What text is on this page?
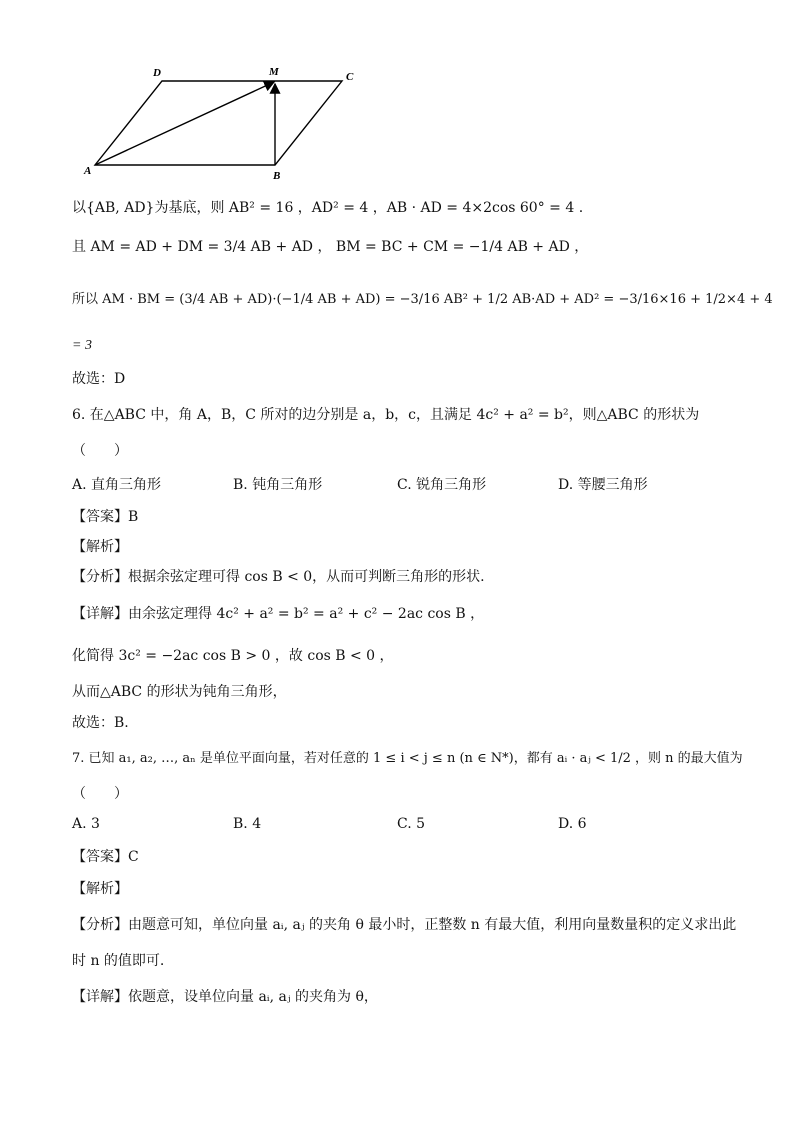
A	B
C
D	M
以{AB, AD}为基底，则 AB² = 16 ，AD² = 4 ，AB · AD = 4×2cos 60° = 4 .
且 AM = AD + DM = 3/4 AB + AD ， BM = BC + CM = −1/4 AB + AD ，
所以 AM · BM = (3/4 AB + AD)·(−1/4 AB + AD) = −3/16 AB² + 1/2 AB·AD + AD² = −3/16×16 + 1/2×4 + 4
= 3
故选：D
6. 在△ABC 中，角 A，B，C 所对的边分别是 a，b，c，且满足 4c² + a² = b²，则△ABC 的形状为
（　　）
A. 直角三角形	B. 钝角三角形	C. 锐角三角形	D. 等腰三角形
【答案】B
【解析】
【分析】根据余弦定理可得 cos B < 0，从而可判断三角形的形状.
【详解】由余弦定理得 4c² + a² = b² = a² + c² − 2ac cos B ，
化简得 3c² = −2ac cos B > 0 ，故 cos B < 0 ，
从而△ABC 的形状为钝角三角形，
故选：B.
7. 已知 a₁, a₂, …, aₙ 是单位平面向量，若对任意的 1 ≤ i < j ≤ n (n ∈ N*)，都有 aᵢ · aⱼ < 1/2 ，则 n 的最大值为
（　　）
A. 3	B. 4	C. 5	D. 6
【答案】C
【解析】
【分析】由题意可知，单位向量 aᵢ, aⱼ 的夹角 θ 最小时，正整数 n 有最大值，利用向量数量积的定义求出此
时 n 的值即可.
【详解】依题意，设单位向量 aᵢ, aⱼ 的夹角为 θ，
